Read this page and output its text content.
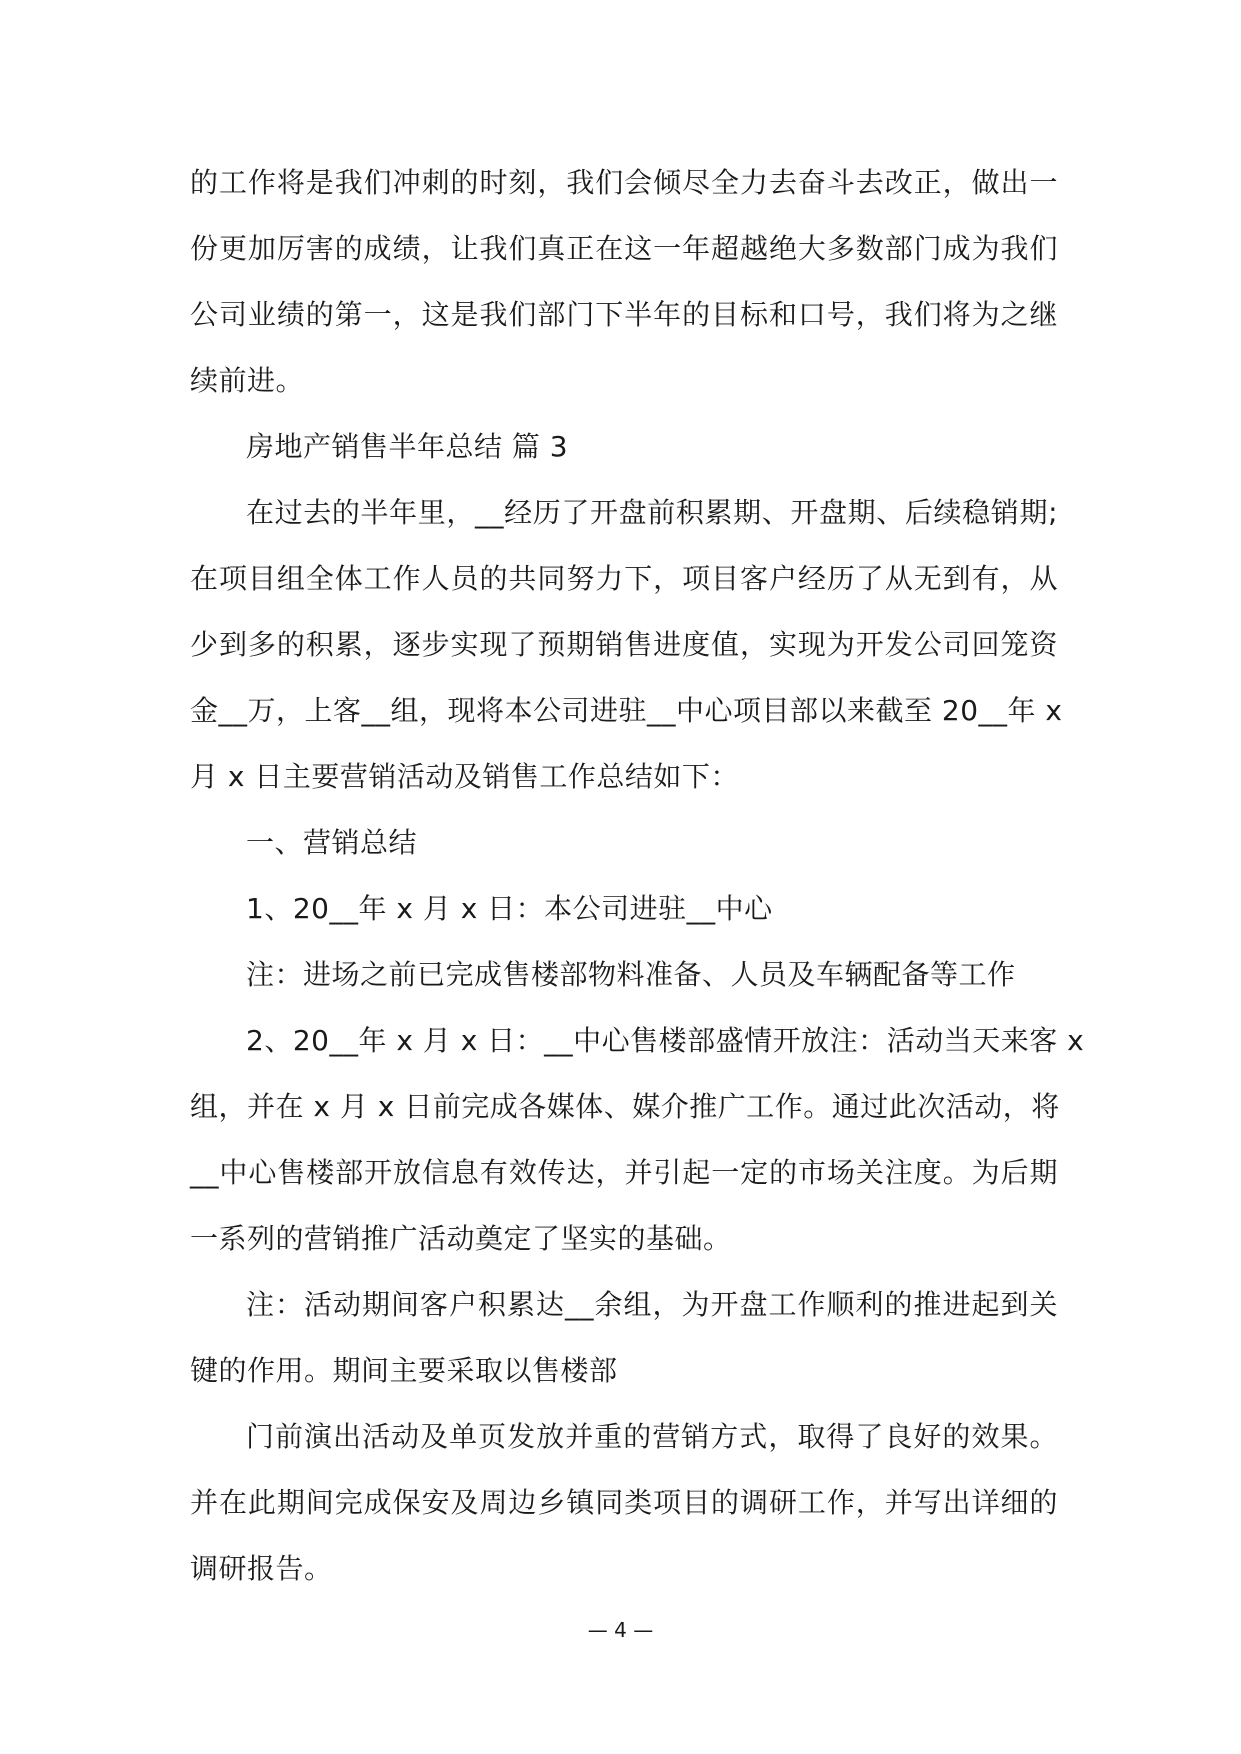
的工作将是我们冲刺的时刻，我们会倾尽全力去奋斗去改正，做出一
份更加厉害的成绩，让我们真正在这一年超越绝大多数部门成为我们
公司业绩的第一，这是我们部门下半年的目标和口号，我们将为之继
续前进。
房地产销售半年总结 篇 3
在过去的半年里，__经历了开盘前积累期、开盘期、后续稳销期;
在项目组全体工作人员的共同努力下，项目客户经历了从无到有，从
少到多的积累，逐步实现了预期销售进度值，实现为开发公司回笼资
金__万，上客__组，现将本公司进驻__中心项目部以来截至 20__年 x
月 x 日主要营销活动及销售工作总结如下：
一、营销总结
1、20__年 x 月 x 日：本公司进驻__中心
注：进场之前已完成售楼部物料准备、人员及车辆配备等工作
2、20__年 x 月 x 日：__中心售楼部盛情开放注：活动当天来客 x
组，并在 x 月 x 日前完成各媒体、媒介推广工作。通过此次活动，将
__中心售楼部开放信息有效传达，并引起一定的市场关注度。为后期
一系列的营销推广活动奠定了坚实的基础。
注：活动期间客户积累达__余组，为开盘工作顺利的推进起到关
键的作用。期间主要采取以售楼部
门前演出活动及单页发放并重的营销方式，取得了良好的效果。
并在此期间完成保安及周边乡镇同类项目的调研工作，并写出详细的
调研报告。
— 4 —
